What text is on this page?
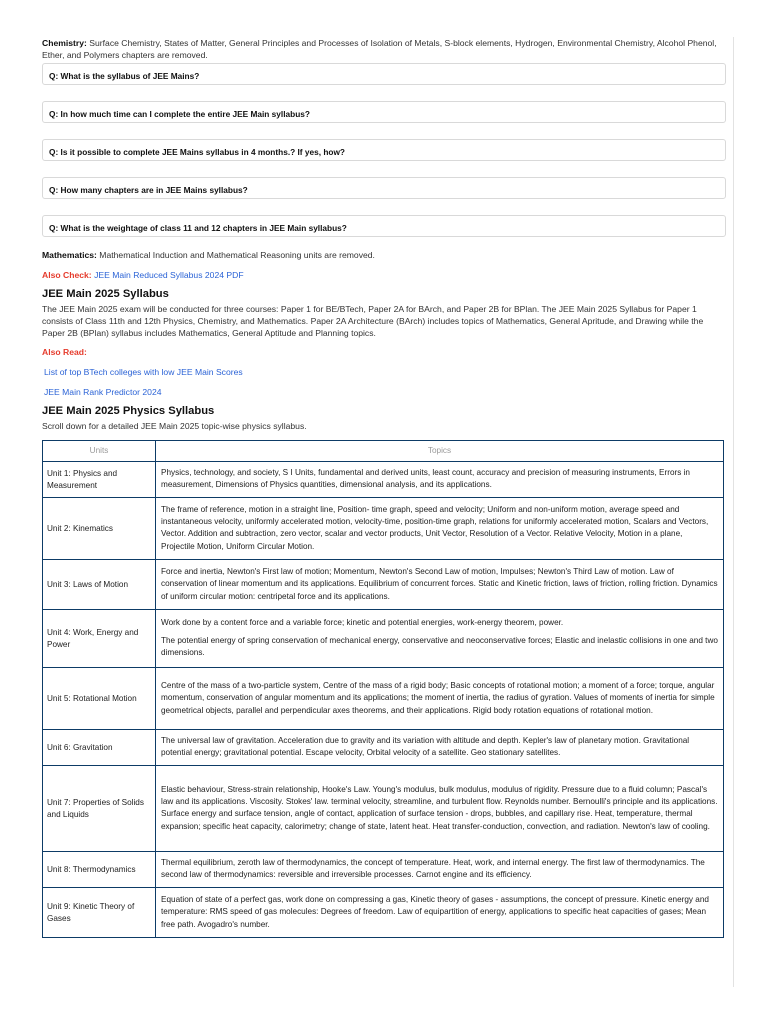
Chemistry: Surface Chemistry, States of Matter, General Principles and Processes of Isolation of Metals, S-block elements, Hydrogen, Environmental Chemistry, Alcohol Phenol, Ether, and Polymers chapters are removed.

Q: What is the syllabus of JEE Mains?
Q: In how much time can I complete the entire JEE Main syllabus?
Q: Is it possible to complete JEE Mains syllabus in 4 months.? If yes, how?
Q: How many chapters are in JEE Mains syllabus?
Q: What is the weightage of class 11 and 12 chapters in JEE Main syllabus?

Mathematics: Mathematical Induction and Mathematical Reasoning units are removed.

Also Check: JEE Main Reduced Syllabus 2024 PDF

JEE Main 2025 Syllabus

The JEE Main 2025 exam will be conducted for three courses: Paper 1 for BE/BTech, Paper 2A for BArch, and Paper 2B for BPlan. The JEE Main 2025 Syllabus for Paper 1 consists of Class 11th and 12th Physics, Chemistry, and Mathematics. Paper 2A Architecture (BArch) includes topics of Mathematics, General Apritude, and Drawing while the Paper 2B (BPlan) syllabus includes Mathematics, General Aptitude and Planning topics.

Also Read:

List of top BTech colleges with low JEE Main Scores

JEE Main Rank Predictor 2024

JEE Main 2025 Physics Syllabus

Scroll down for a detailed JEE Main 2025 topic-wise physics syllabus.

Units	Topics
Unit 1: Physics and Measurement	Physics, technology, and society, S I Units, fundamental and derived units, least count, accuracy and precision of measuring instruments, Errors in measurement, Dimensions of Physics quantities, dimensional analysis, and its applications.

Unit 2: Kinematics	The frame of reference, motion in a straight line, Position- time graph, speed and velocity; Uniform and non-uniform motion, average speed and instantaneous velocity, uniformly accelerated motion, velocity-time, position-time graph, relations for uniformly accelerated motion, Scalars and Vectors, Vector. Addition and subtraction, zero vector, scalar and vector products, Unit Vector, Resolution of a Vector. Relative Velocity, Motion in a plane, Projectile Motion, Uniform Circular Motion.

Unit 3: Laws of Motion	Force and inertia, Newton's First law of motion; Momentum, Newton's Second Law of motion, Impulses; Newton's Third Law of motion. Law of conservation of linear momentum and its applications. Equilibrium of concurrent forces. Static and Kinetic friction, laws of friction, rolling friction. Dynamics of uniform circular motion: centripetal force and its applications.

Unit 4: Work, Energy and Power	Work done by a content force and a variable force; kinetic and potential energies, work-energy theorem, power.

The potential energy of spring conservation of mechanical energy, conservative and neoconservative forces; Elastic and inelastic collisions in one and two dimensions.

Unit 5: Rotational Motion	Centre of the mass of a two-particle system, Centre of the mass of a rigid body; Basic concepts of rotational motion; a moment of a force; torque, angular momentum, conservation of angular momentum and its applications; the moment of inertia, the radius of gyration. Values of moments of inertia for simple geometrical objects, parallel and perpendicular axes theorems, and their applications. Rigid body rotation equations of rotational motion.

Unit 6: Gravitation	The universal law of gravitation. Acceleration due to gravity and its variation with altitude and depth. Kepler's law of planetary motion. Gravitational potential energy; gravitational potential. Escape velocity, Orbital velocity of a satellite. Geo stationary satellites.

Unit 7: Properties of Solids and Liquids	Elastic behaviour, Stress-strain relationship, Hooke's Law. Young's modulus, bulk modulus, modulus of rigidity. Pressure due to a fluid column; Pascal's law and its applications. Viscosity. Stokes' law. terminal velocity, streamline, and turbulent flow. Reynolds number. Bernoulli's principle and its applications. Surface energy and surface tension, angle of contact, application of surface tension - drops, bubbles, and capillary rise. Heat, temperature, thermal expansion; specific heat capacity, calorimetry; change of state, latent heat. Heat transfer-conduction, convection, and radiation. Newton's law of cooling.

Unit 8: Thermodynamics	Thermal equilibrium, zeroth law of thermodynamics, the concept of temperature. Heat, work, and internal energy. The first law of thermodynamics. The second law of thermodynamics: reversible and irreversible processes. Carnot engine and its efficiency.

Unit 9: Kinetic Theory of Gases	Equation of state of a perfect gas, work done on compressing a gas, Kinetic theory of gases - assumptions, the concept of pressure. Kinetic energy and temperature: RMS speed of gas molecules: Degrees of freedom. Law of equipartition of energy, applications to specific heat capacities of gases; Mean free path. Avogadro's number.
